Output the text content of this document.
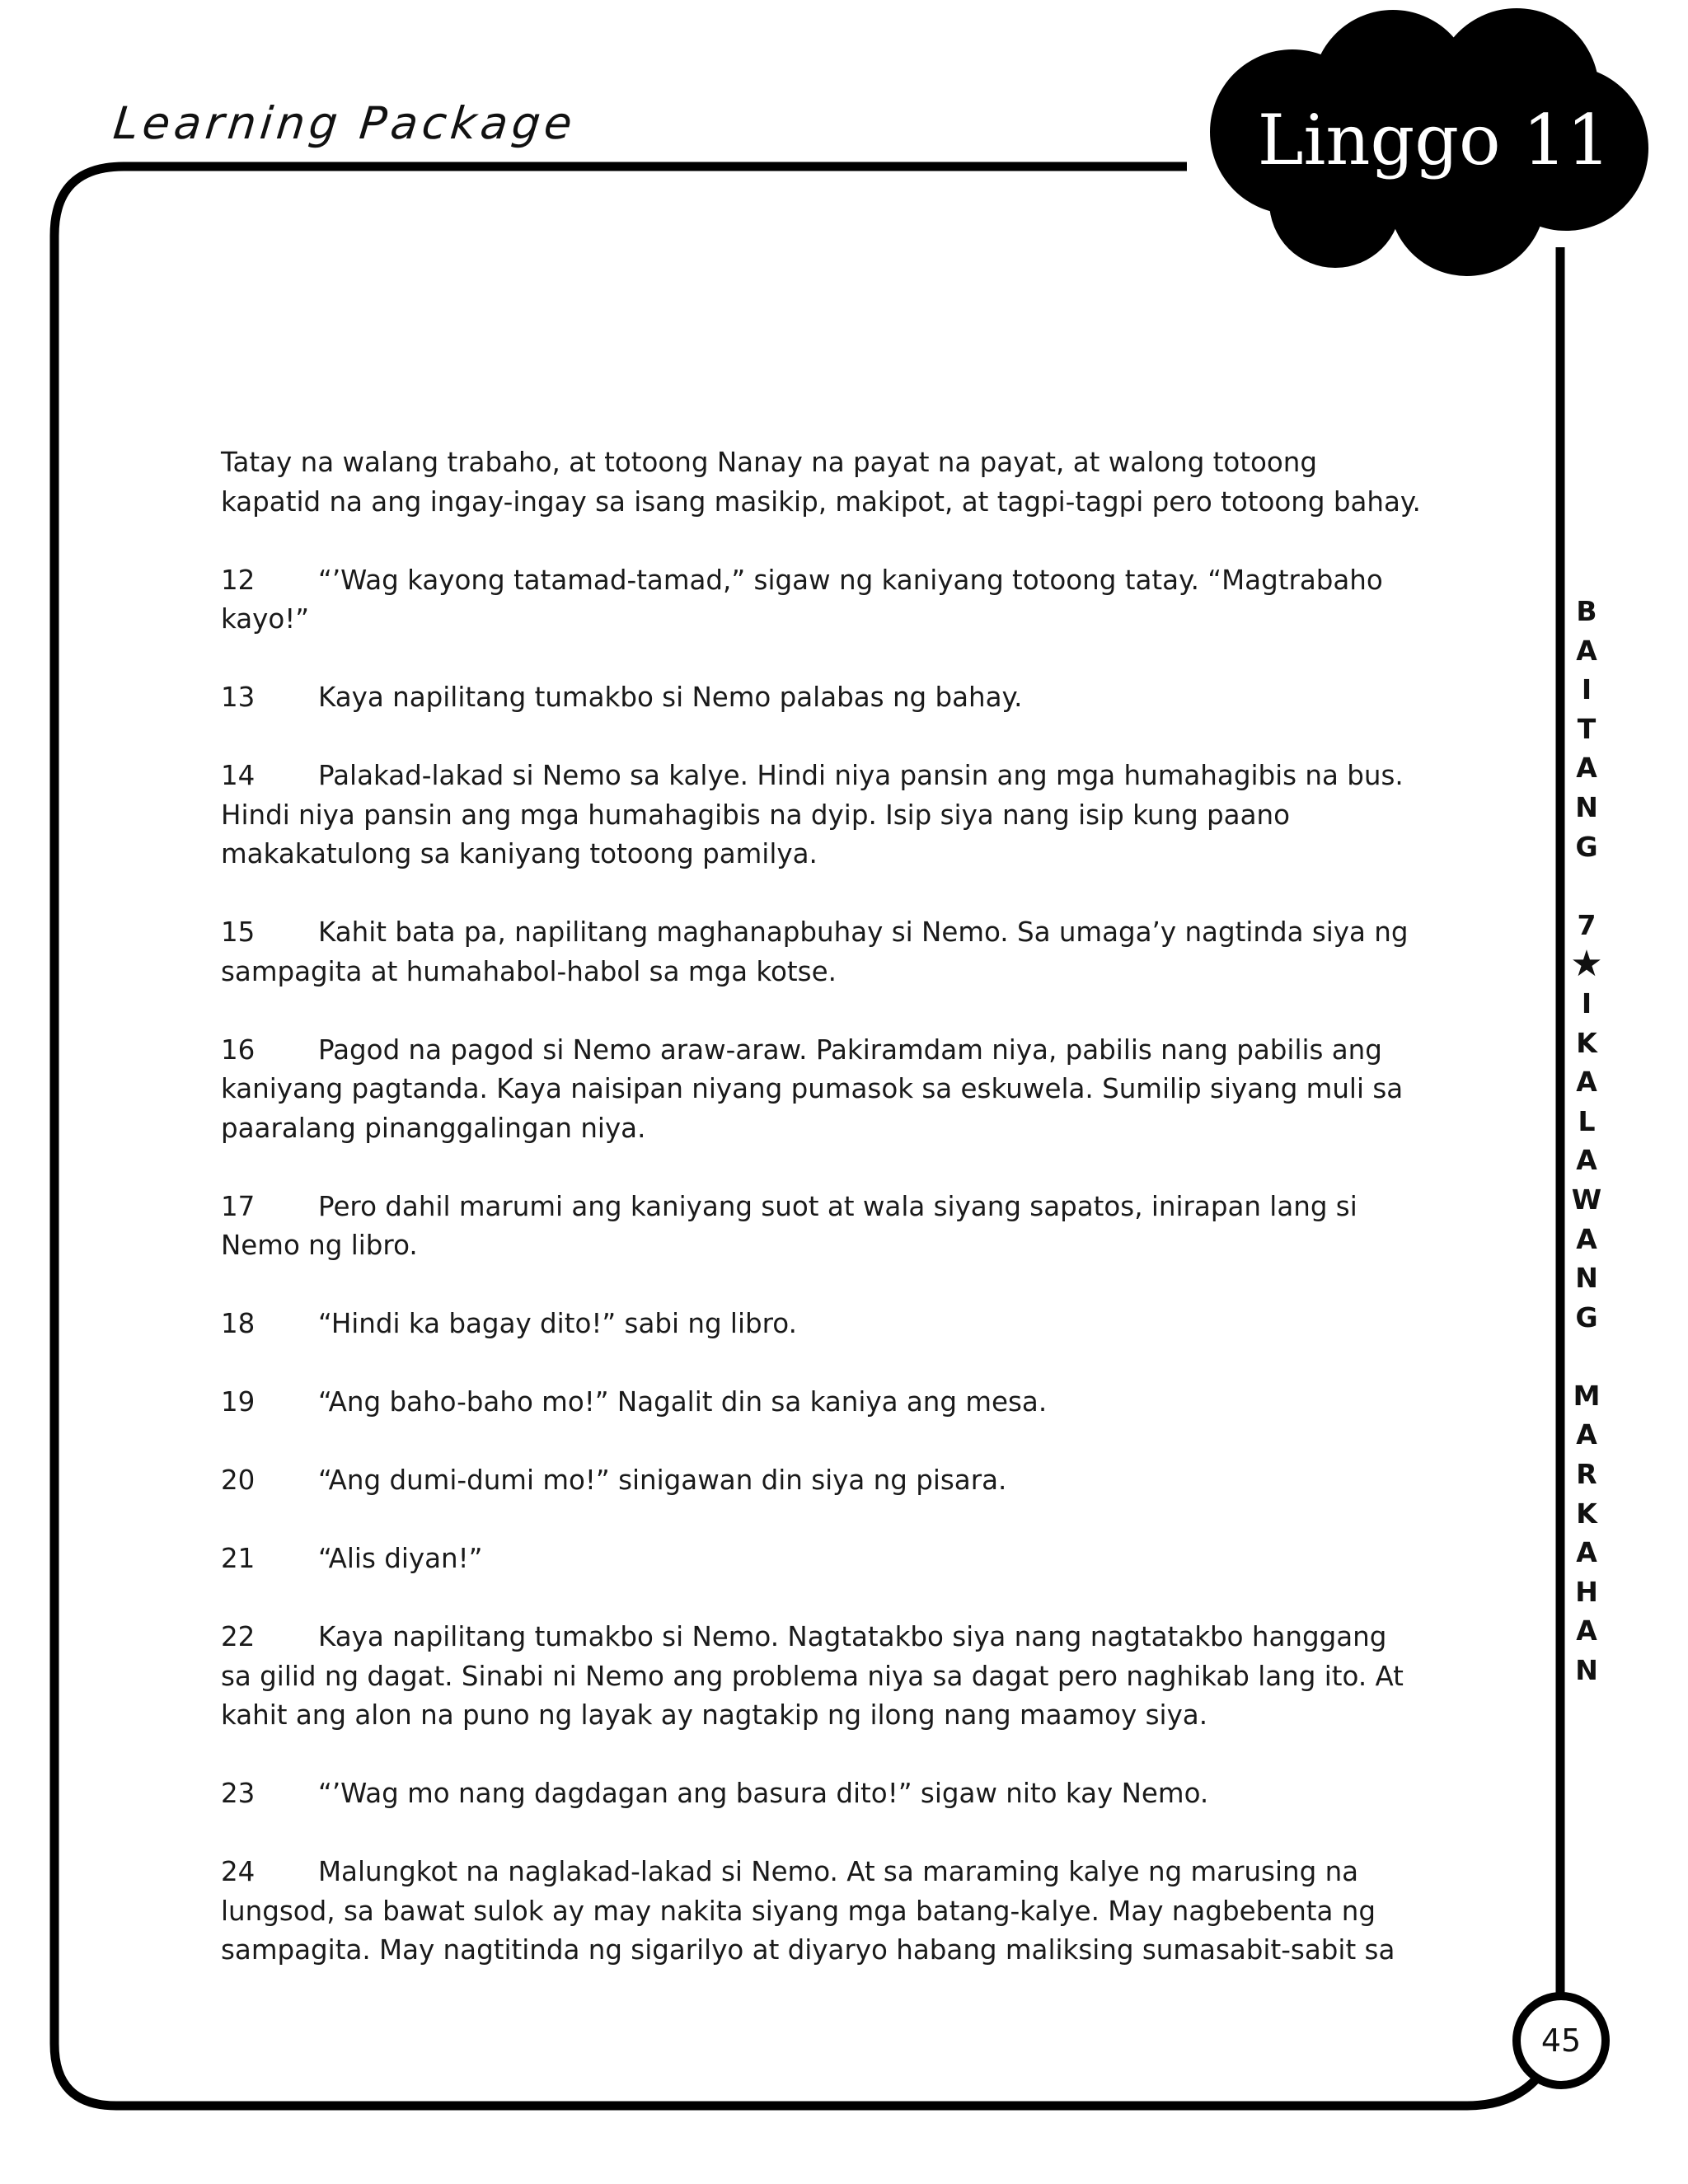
Learning Package	Linggo 11
B
A
I
T
A
N
G

7
★
I
K
A
L
A
W
A
N
G

M
A
R
K
A
H
A
N
45

Tatay na walang trabaho, at totoong Nanay na payat na payat, at walong totoong kapatid na ang ingay-ingay sa isang masikip, makipot, at tagpi-tagpi pero totoong bahay.

12 “’Wag kayong tatamad-tamad,” sigaw ng kaniyang totoong tatay. “Magtrabaho kayo!”

13 Kaya napilitang tumakbo si Nemo palabas ng bahay.

14 Palakad-lakad si Nemo sa kalye. Hindi niya pansin ang mga humahagibis na bus. Hindi niya pansin ang mga humahagibis na dyip. Isip siya nang isip kung paano makakatulong sa kaniyang totoong pamilya.

15 Kahit bata pa, napilitang maghanapbuhay si Nemo. Sa umaga’y nagtinda siya ng sampagita at humahabol-habol sa mga kotse.

16 Pagod na pagod si Nemo araw-araw. Pakiramdam niya, pabilis nang pabilis ang kaniyang pagtanda. Kaya naisipan niyang pumasok sa eskuwela. Sumilip siyang muli sa paaralang pinanggalingan niya.

17 Pero dahil marumi ang kaniyang suot at wala siyang sapatos, inirapan lang si Nemo ng libro.

18 “Hindi ka bagay dito!” sabi ng libro.

19 “Ang baho-baho mo!” Nagalit din sa kaniya ang mesa.

20 “Ang dumi-dumi mo!” sinigawan din siya ng pisara.

21 “Alis diyan!”

22 Kaya napilitang tumakbo si Nemo. Nagtatakbo siya nang nagtatakbo hanggang sa gilid ng dagat. Sinabi ni Nemo ang problema niya sa dagat pero naghikab lang ito. At kahit ang alon na puno ng layak ay nagtakip ng ilong nang maamoy siya.

23 “’Wag mo nang dagdagan ang basura dito!” sigaw nito kay Nemo.

24 Malungkot na naglakad-lakad si Nemo. At sa maraming kalye ng marusing na lungsod, sa bawat sulok ay may nakita siyang mga batang-kalye. May nagbebenta ng sampagita. May nagtitinda ng sigarilyo at diyaryo habang maliksing sumasabit-sabit sa
